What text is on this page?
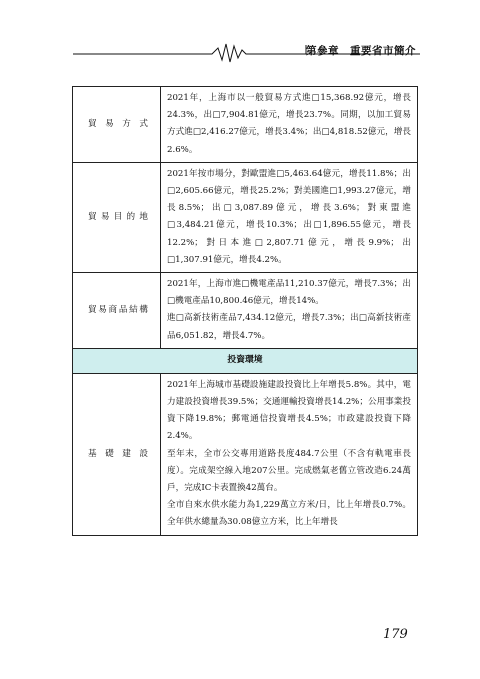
第參章　重要省市簡介
貿易方式	2021年，上海市以一般貿易方式進□15,368.92億元，增長24.3%，出□7,904.81億元，增長23.7%。同期，以加工貿易方式進□2,416.27億元，增長3.4%；出□4,818.52億元，增長2.6%。

貿易目的地	2021年按市場分，對歐盟進□5,463.64億元，增長11.8%；出□2,605.66億元，增長25.2%；對美國進□1,993.27億元，增長8.5%；出□3,087.89億元，增長3.6%；對東盟進□3,484.21億元，增長10.3%；出□1,896.55億元，增長12.2%；對日本進□2,807.71億元，增長9.9%；出□1,307.91億元，增長4.2%。

貿易商品結構	2021年，上海市進□機電產品11,210.37億元，增長7.3%；出□機電產品10,800.46億元，增長14%。

進□高新技術產品7,434.12億元，增長7.3%；出□高新技術產品6,051.82，增長4.7%。

投資環境	
基礎建設	2021年上海城市基礎設施建設投資比上年增長5.8%。其中，電力建設投資增長39.5%；交通運輸投資增長14.2%；公用事業投資下降19.8%；郵電通信投資增長4.5%；市政建設投資下降2.4%。

至年末，全市公交專用道路長度484.7公里（不含有軌電車長度）。完成架空線入地207公里。完成燃氣老舊立管改造6.24萬戶，完成IC卡表置換42萬台。

全市自來水供水能力為1,229萬立方米/日，比上年增長0.7%。全年供水總量為30.08億立方米，比上年增長

179
